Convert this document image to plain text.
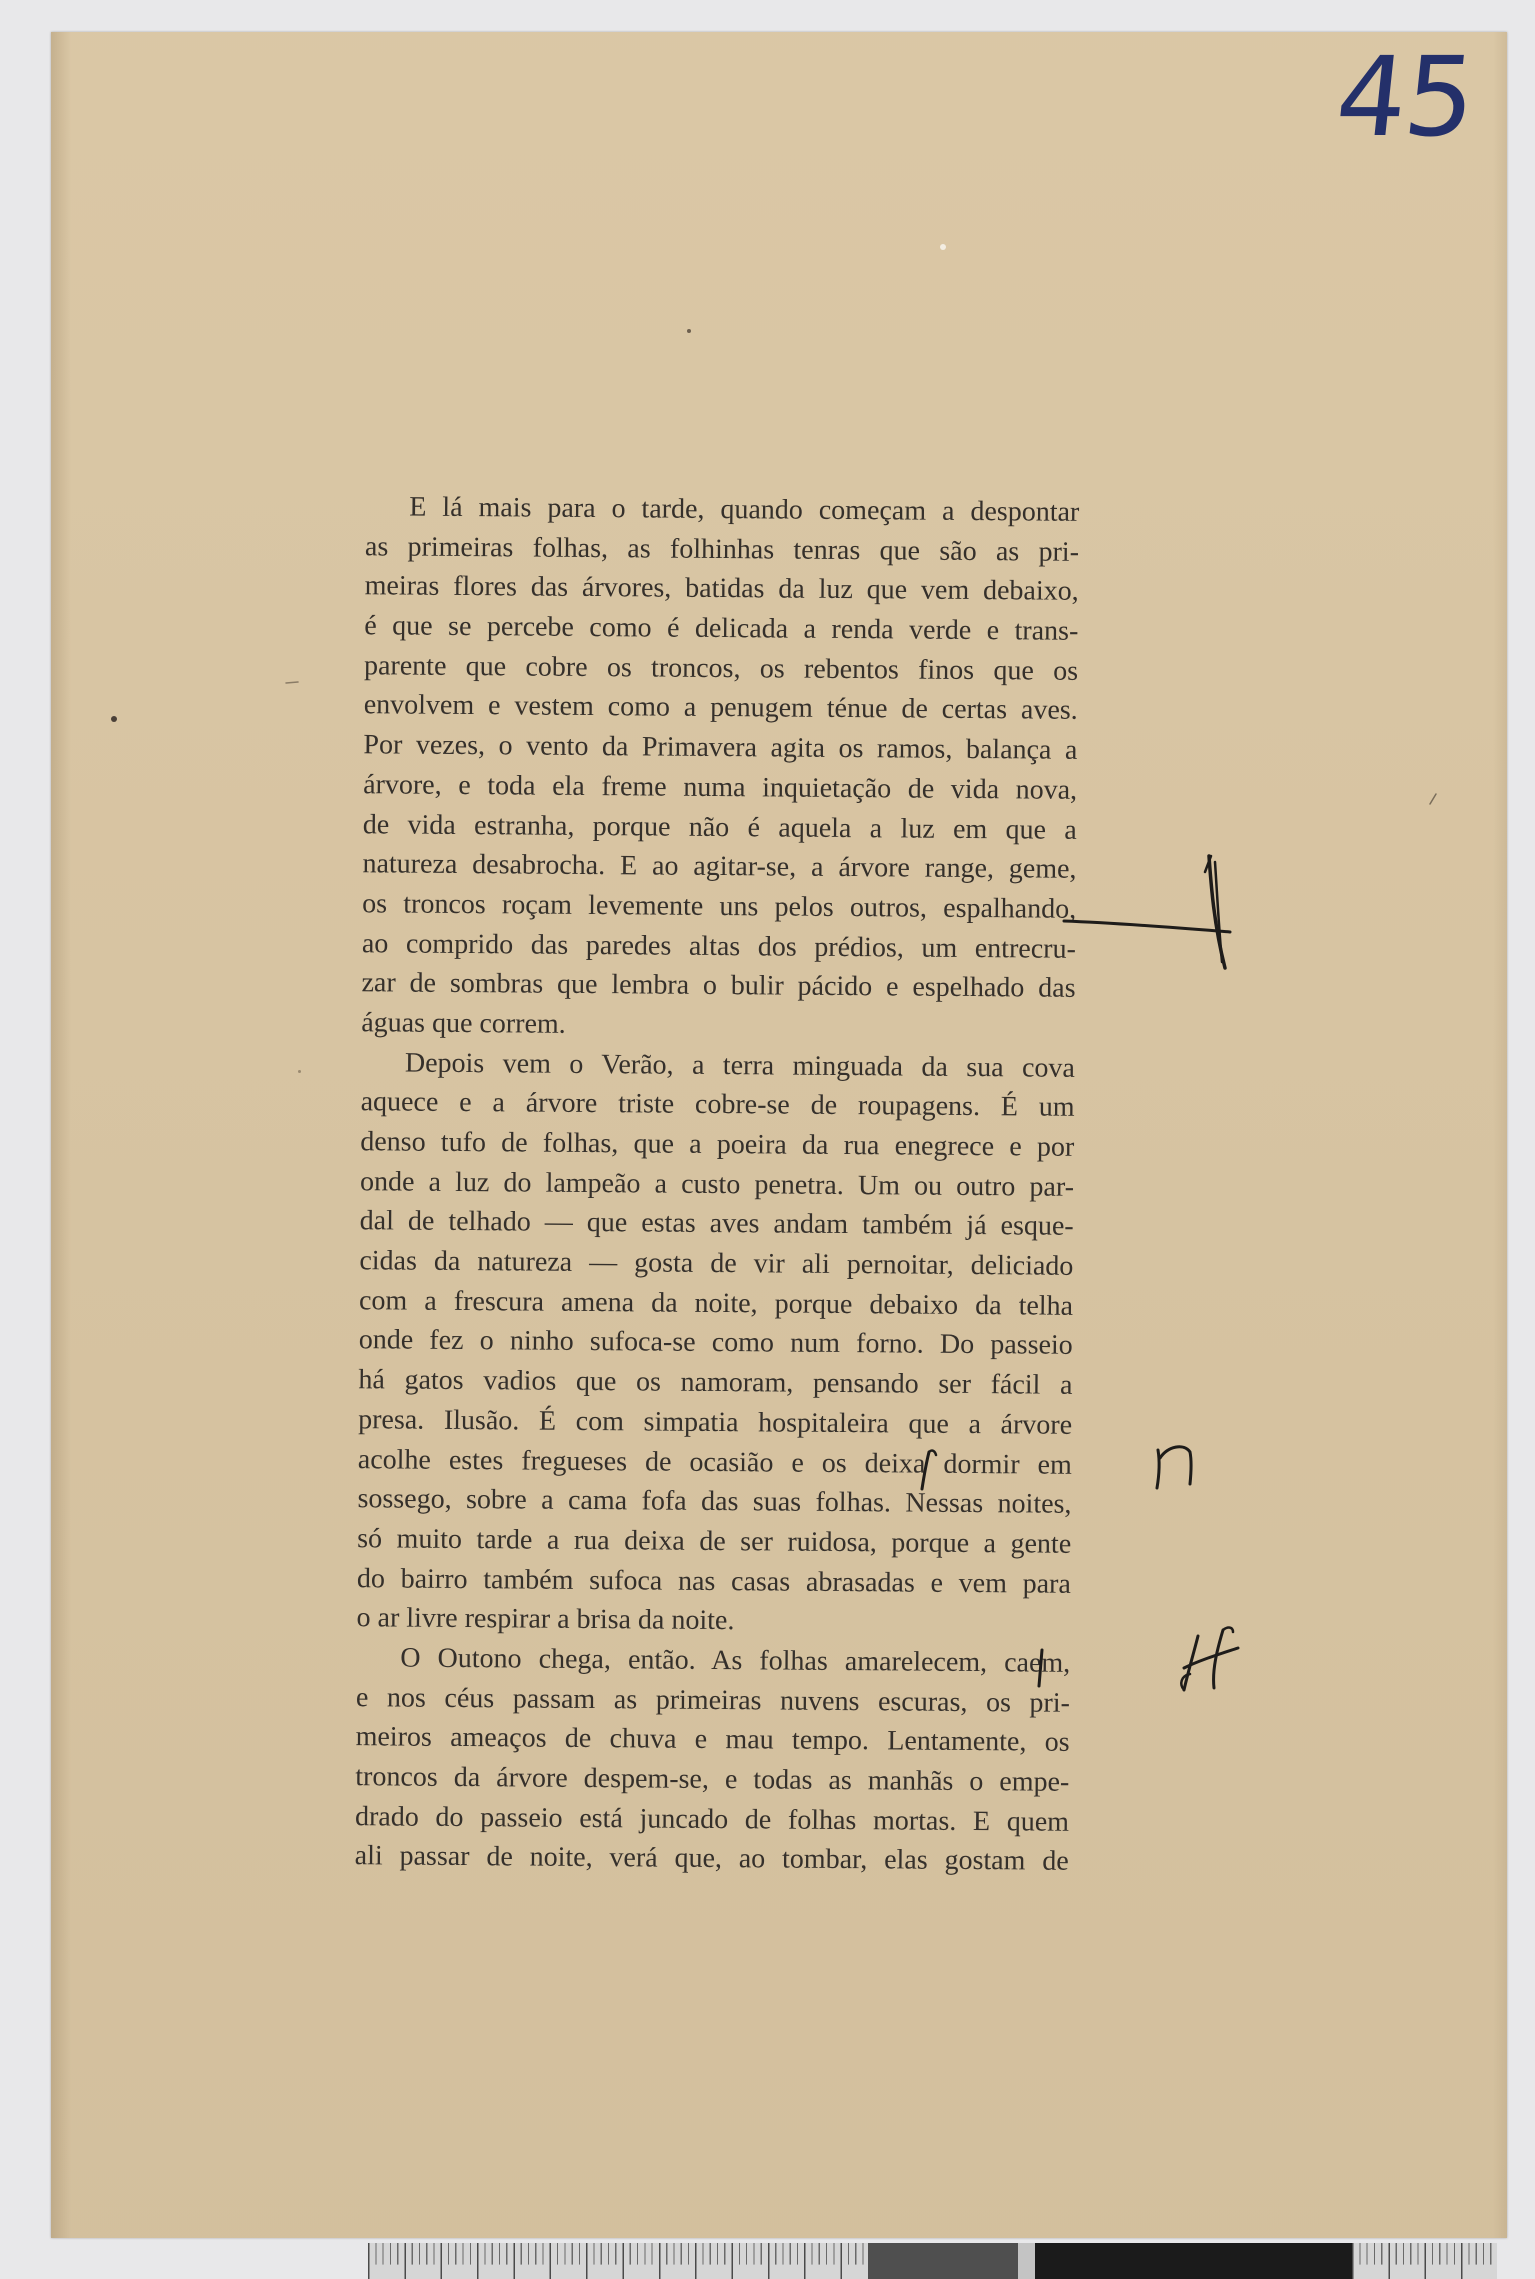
45
E lá mais para o tarde, quando começam a despontar
as primeiras folhas, as folhinhas tenras que são as pri-
meiras flores das árvores, batidas da luz que vem debaixo,
é que se percebe como é delicada a renda verde e trans-
parente que cobre os troncos, os rebentos finos que os
envolvem e vestem como a penugem ténue de certas aves.
Por vezes, o vento da Primavera agita os ramos, balança a
árvore, e toda ela freme numa inquietação de vida nova,
de vida estranha, porque não é aquela a luz em que a
natureza desabrocha. E ao agitar-se, a árvore range, geme,
os troncos roçam levemente uns pelos outros, espalhando,
ao comprido das paredes altas dos prédios, um entrecru-
zar de sombras que lembra o bulir pácido e espelhado das
águas que correm.
Depois vem o Verão, a terra minguada da sua cova
aquece e a árvore triste cobre-se de roupagens. É um
denso tufo de folhas, que a poeira da rua enegrece e por
onde a luz do lampeão a custo penetra. Um ou outro par-
dal de telhado — que estas aves andam também já esque-
cidas da natureza — gosta de vir ali pernoitar, deliciado
com a frescura amena da noite, porque debaixo da telha
onde fez o ninho sufoca-se como num forno. Do passeio
há gatos vadios que os namoram, pensando ser fácil a
presa. Ilusão. É com simpatia hospitaleira que a árvore
acolhe estes fregueses de ocasião e os deixa dormir em
sossego, sobre a cama fofa das suas folhas. Nessas noites,
só muito tarde a rua deixa de ser ruidosa, porque a gente
do bairro também sufoca nas casas abrasadas e vem para
o ar livre respirar a brisa da noite.
O Outono chega, então. As folhas amarelecem, caem,
e nos céus passam as primeiras nuvens escuras, os pri-
meiros ameaços de chuva e mau tempo. Lentamente, os
troncos da árvore despem-se, e todas as manhãs o empe-
drado do passeio está juncado de folhas mortas. E quem
ali passar de noite, verá que, ao tombar, elas gostam de
